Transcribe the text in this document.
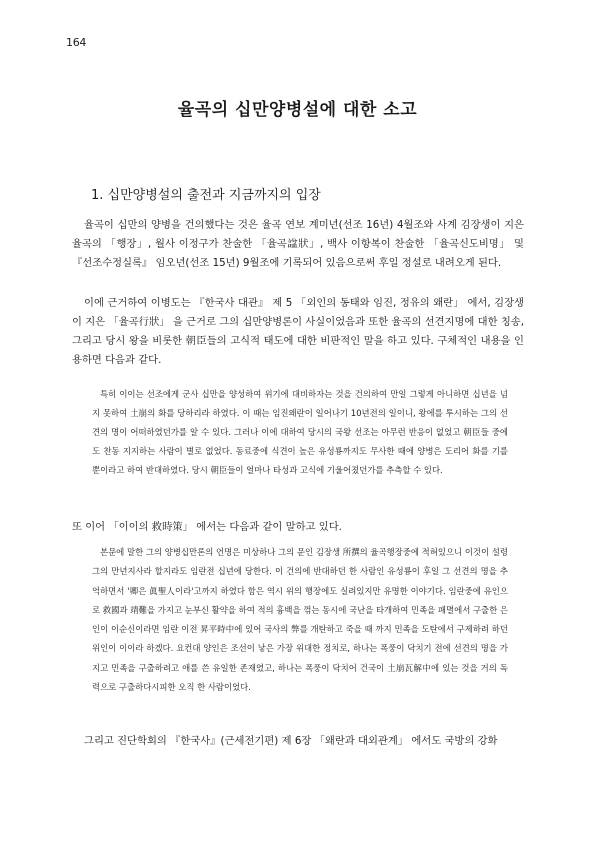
164
율곡의 십만양병설에 대한 소고
1. 십만양병설의 출전과 지금까지의 입장

율곡이 십만의 양병을 건의했다는 것은 율곡 연보 계미년(선조 16년) 4월조와 사계 김장생이 지은 율곡의 「행장」, 월사 이정구가 찬술한 「율곡諡狀」, 백사 이항복이 찬술한 「율곡신도비명」 및 『선조수정실록』 임오년(선조 15년) 9월조에 기록되어 있음으로써 후일 정설로 내려오게 된다.

이에 근거하여 이병도는 『한국사 대관』 제 5 「외인의 동태와 임진, 정유의 왜란」 에서, 김장생이 지은 「율곡行狀」 을 근거로 그의 십만양병론이 사실이었음과 또한 율곡의 선견지명에 대한 칭송, 그리고 당시 왕을 비롯한 朝臣들의 고식적 태도에 대한 비판적인 말을 하고 있다. 구체적인 내용을 인용하면 다음과 같다.

특히 이이는 선조에게 군사 십만을 양성하여 위기에 대비하자는 것을 건의하여 만일 그렇게 아니하면 십년을 넘지 못하여 土崩의 화를 당하리라 하였다. 이 때는 임진왜란이 일어나기 10년전의 일이니, 왕에를 투시하는 그의 선견의 명이 어떠하였던가를 알 수 있다. 그러나 이에 대하여 당시의 국왕 선조는 아무런 반응이 없었고 朝臣들 중에도 찬동 지지하는 사람이 별로 없었다. 동료중에 식견이 높은 유성룡까지도 무사한 때에 양병은 도리어 화를 기를 뿐이라고 하여 반대하였다. 당시 朝臣들이 얼마나 타성과 고식에 기울어졌던가를 추측할 수 있다.

또 이어 「이이의 救時策」 에서는 다음과 같이 말하고 있다.

본문에 말한 그의 양병십만론의 언명은 미상하나 그의 문인 김장생 所撰의 율곡행장중에 적혀있으니 이것이 설령 그의 만년지사라 할지라도 임란전 십년에 당한다. 이 건의에 반대하던 한 사람인 유성룡이 후일 그 선견의 명을 추억하면서 '卿은 眞聖人이라'고까지 하였다 함은 역시 위의 행장에도 실려있지만 유명한 이야기다. 임란중에 유인으로 救國과 靖難을 가지고 눈부신 활약을 하여 적의 흉백을 꺾는 동시에 국난을 타개하여 민족을 패멸에서 구출한 은인이 이순신이라면 임란 이전 昇平時中에 있어 국사의 弊를 개탄하고 죽을 때 까지 민족을 도탄에서 구제하려 하던 위인이 이이라 하겠다. 요컨대 양인은 조선이 낳은 가장 위대한 정치로, 하나는 폭풍이 닥치기 전에 선견의 명을 가지고 민족을 구출하려고 애를 쓴 유일한 존재였고, 하나는 폭풍이 닥치어 건국이 土崩瓦解中에 있는 것을 거의 독력으로 구출하다시피한 오직 한 사람이었다.

그리고 진단학회의 『한국사』(근세전기편) 제 6장 「왜란과 대외관계」 에서도 국방의 강화
